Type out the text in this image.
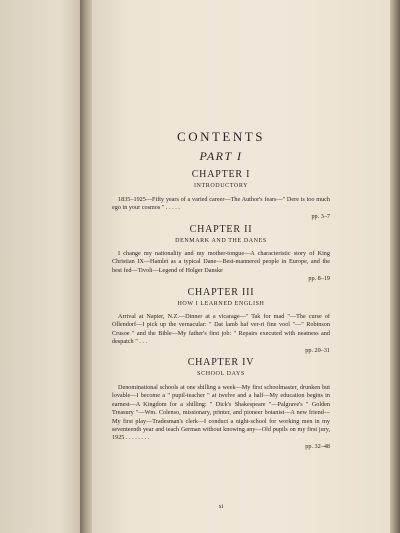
CONTENTS
PART I
CHAPTER I
INTRODUCTORY
1835–1925—Fifty years of a varied career—The Author's fears—" Dere is too much ego in your cosmos " . . . . .
pp. 3–7
CHAPTER II
DENMARK AND THE DANES
I change my nationality and my mother-tongue—A characteristic story of King Christian IX—Hamlet as a typical Dane—Best-mannered people in Europe, and the best fed—Tivoli—Legend of Holger Danske
pp. 8–19
CHAPTER III
HOW I LEARNED ENGLISH
Arrival at Napier, N.Z.—Dinner at a vicarage—" Tak for mad "—The curse of Ollendorf—I pick up the vernacular: " Dat lamb haf ver-ri fine vool "—" Robinson Crusoe " and the Bible—My father's first job: " Repairs executed with neatness and despatch " . . .
pp. 20–31
CHAPTER IV
SCHOOL DAYS
Denominational schools at one shilling a week—My first schoolmaster, drunken but lovable—I become a " pupil-teacher " at twelve and a half—My education begins in earnest—A Kingdom for a shilling: " Dick's Shakespeare "—Palgrave's " Golden Treasury "—Wm. Colenso, missionary, printer, and pioneer botanist—A new friend—My first play—Tradesman's clerk—I conduct a night-school for working men in my seventeenth year and teach German without knowing any—Old pupils on my first jury, 1925 . . . . . . . .
pp. 32–48
xi
